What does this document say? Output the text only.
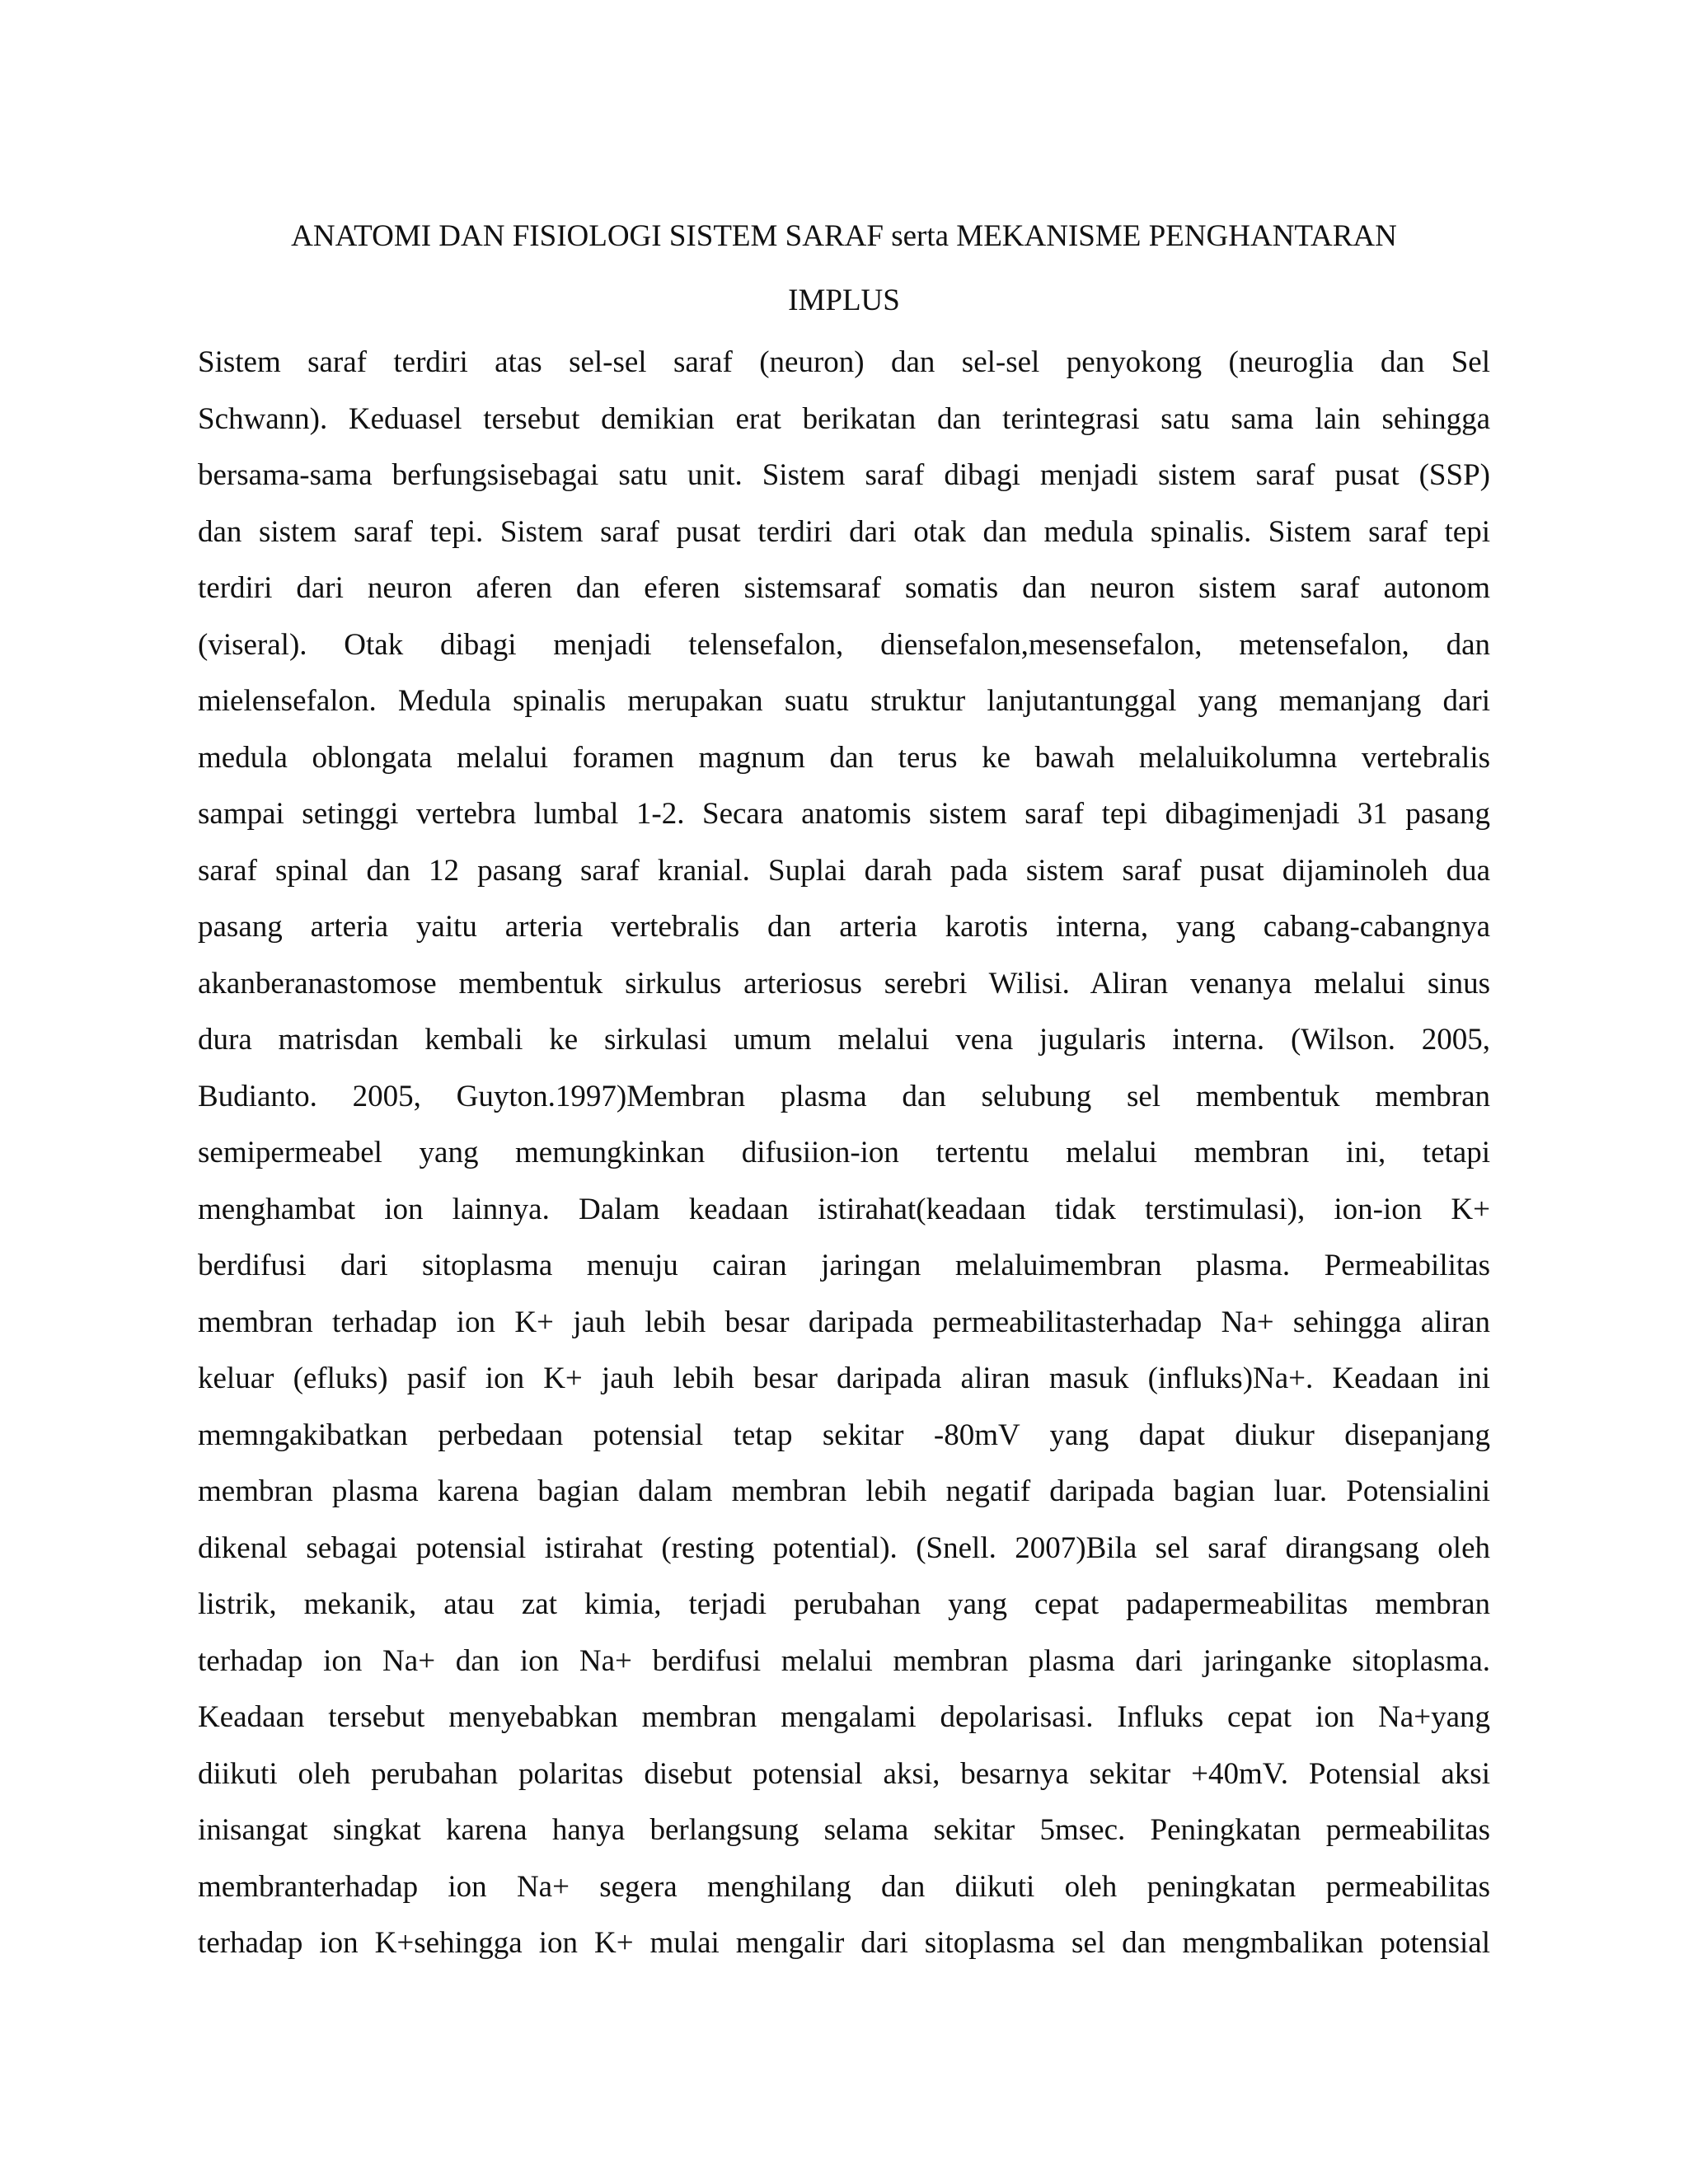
ANATOMI DAN FISIOLOGI SISTEM SARAF serta MEKANISME PENGHANTARAN
IMPLUS
Sistem saraf terdiri atas sel-sel saraf (neuron) dan sel-sel penyokong (neuroglia dan Sel
Schwann). Keduasel tersebut demikian erat berikatan dan terintegrasi satu sama lain sehingga
bersama-sama berfungsisebagai satu unit. Sistem saraf dibagi menjadi sistem saraf pusat (SSP)
dan sistem saraf tepi. Sistem saraf pusat terdiri dari otak dan medula spinalis. Sistem saraf tepi
terdiri dari neuron aferen dan eferen sistemsaraf somatis dan neuron sistem saraf autonom
(viseral). Otak dibagi menjadi telensefalon, diensefalon,mesensefalon, metensefalon, dan
mielensefalon. Medula spinalis merupakan suatu struktur lanjutantunggal yang memanjang dari
medula oblongata melalui foramen magnum dan terus ke bawah melaluikolumna vertebralis
sampai setinggi vertebra lumbal 1-2. Secara anatomis sistem saraf tepi dibagimenjadi 31 pasang
saraf spinal dan 12 pasang saraf kranial. Suplai darah pada sistem saraf pusat dijaminoleh dua
pasang arteria yaitu arteria vertebralis dan arteria karotis interna, yang cabang-cabangnya
akanberanastomose membentuk sirkulus arteriosus serebri Wilisi. Aliran venanya melalui sinus
dura matrisdan kembali ke sirkulasi umum melalui vena jugularis interna. (Wilson. 2005,
Budianto. 2005, Guyton.1997)Membran plasma dan selubung sel membentuk membran
semipermeabel yang memungkinkan difusiion-ion tertentu melalui membran ini, tetapi
menghambat ion lainnya. Dalam keadaan istirahat(keadaan tidak terstimulasi), ion-ion K+
berdifusi dari sitoplasma menuju cairan jaringan melaluimembran plasma. Permeabilitas
membran terhadap ion K+ jauh lebih besar daripada permeabilitasterhadap Na+ sehingga aliran
keluar (efluks) pasif ion K+ jauh lebih besar daripada aliran masuk (influks)Na+. Keadaan ini
memngakibatkan perbedaan potensial tetap sekitar -80mV yang dapat diukur disepanjang
membran plasma karena bagian dalam membran lebih negatif daripada bagian luar. Potensialini
dikenal sebagai potensial istirahat (resting potential). (Snell. 2007)Bila sel saraf dirangsang oleh
listrik, mekanik, atau zat kimia, terjadi perubahan yang cepat padapermeabilitas membran
terhadap ion Na+ dan ion Na+ berdifusi melalui membran plasma dari jaringanke sitoplasma.
Keadaan tersebut menyebabkan membran mengalami depolarisasi. Influks cepat ion Na+yang
diikuti oleh perubahan polaritas disebut potensial aksi, besarnya sekitar +40mV. Potensial aksi
inisangat singkat karena hanya berlangsung selama sekitar 5msec. Peningkatan permeabilitas
membranterhadap ion Na+ segera menghilang dan diikuti oleh peningkatan permeabilitas
terhadap ion K+sehingga ion K+ mulai mengalir dari sitoplasma sel dan mengmbalikan potensial
